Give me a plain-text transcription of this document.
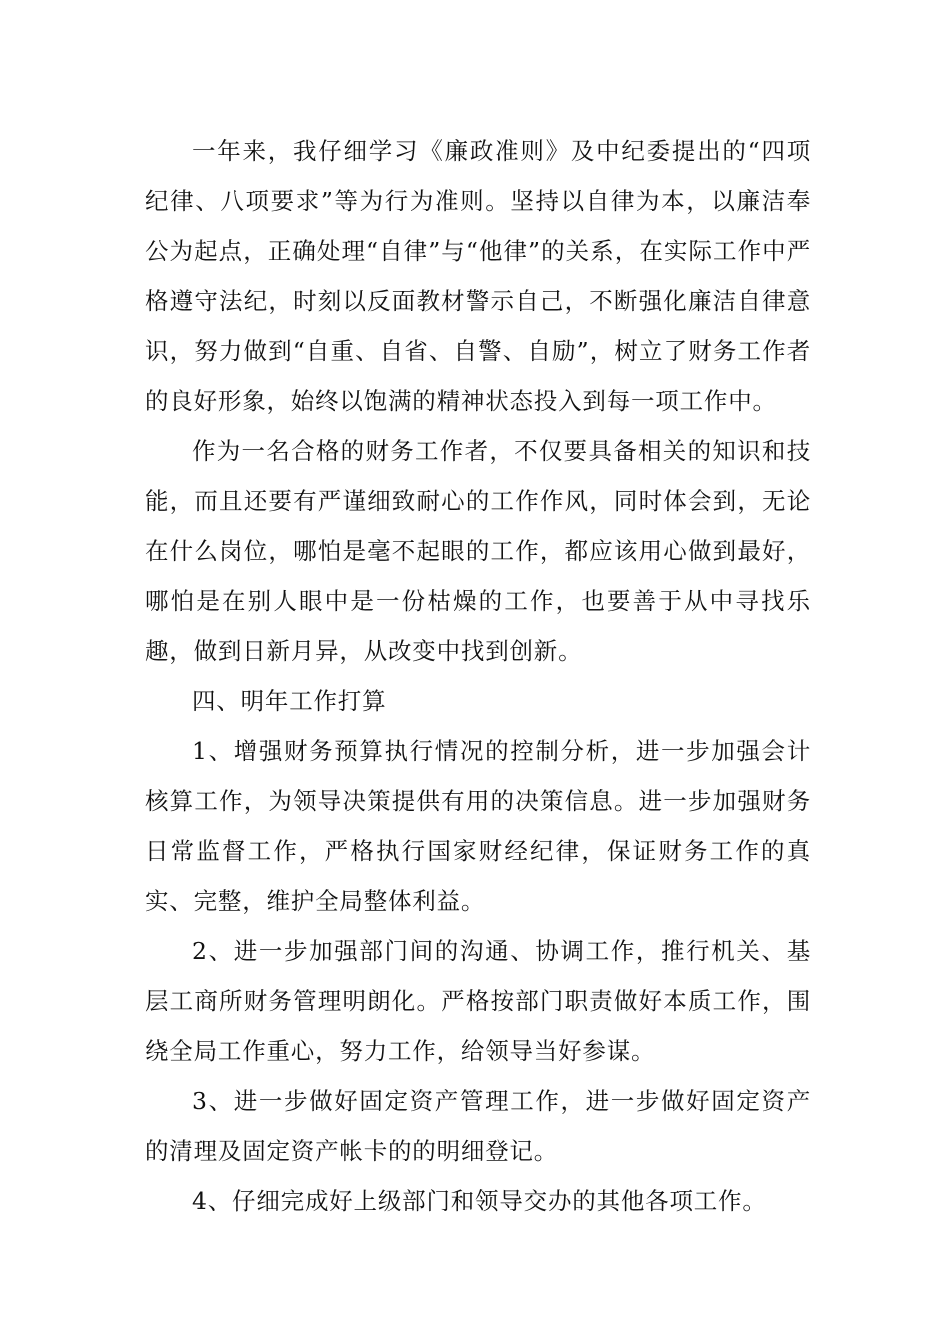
一年来，我仔细学习《廉政准则》及中纪委提出的“四项纪律、八项要求”等为行为准则。坚持以自律为本，以廉洁奉公为起点，正确处理“自律”与“他律”的关系，在实际工作中严格遵守法纪，时刻以反面教材警示自己，不断强化廉洁自律意识，努力做到“自重、自省、自警、自励”，树立了财务工作者的良好形象，始终以饱满的精神状态投入到每一项工作中。

作为一名合格的财务工作者，不仅要具备相关的知识和技能，而且还要有严谨细致耐心的工作作风，同时体会到，无论在什么岗位，哪怕是毫不起眼的工作，都应该用心做到最好，哪怕是在别人眼中是一份枯燥的工作，也要善于从中寻找乐趣，做到日新月异，从改变中找到创新。

四、明年工作打算

1、增强财务预算执行情况的控制分析，进一步加强会计核算工作，为领导决策提供有用的决策信息。进一步加强财务日常监督工作，严格执行国家财经纪律，保证财务工作的真实、完整，维护全局整体利益。

2、进一步加强部门间的沟通、协调工作，推行机关、基层工商所财务管理明朗化。严格按部门职责做好本质工作，围绕全局工作重心，努力工作，给领导当好参谋。

3、进一步做好固定资产管理工作，进一步做好固定资产的清理及固定资产帐卡的的明细登记。

4、仔细完成好上级部门和领导交办的其他各项工作。
